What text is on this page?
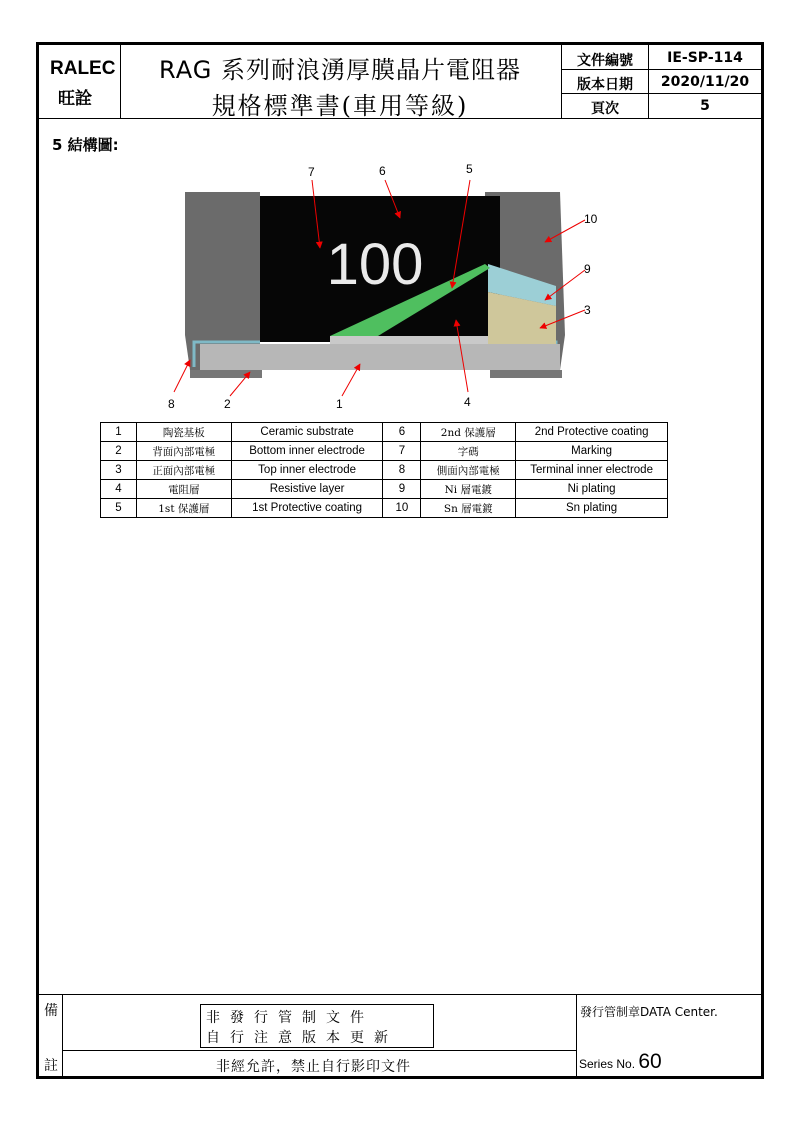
RALEC
旺詮
RAG 系列耐浪湧厚膜晶片電阻器
規格標準書(車用等級)
文件編號	IE-SP-114
版本日期	2020/11/20
頁次	5
5 結構圖:
100
7	6	5
10
9
3
8	2	1	4
1	陶瓷基板	Ceramic substrate	6	2nd 保護層	2nd Protective coating
2	背面內部電極	Bottom inner electrode	7	字碼	Marking
3	正面內部電極	Top inner electrode	8	側面內部電極	Terminal inner electrode
4	電阻層	Resistive layer	9	Ni 層電鍍	Ni plating
5	1st 保護層	1st Protective coating	10	Sn 層電鍍	Sn plating
備
註
非發行管制文件
自行注意版本更新
非經允許，禁止自行影印文件
發行管制章DATA Center.
Series No. 60
